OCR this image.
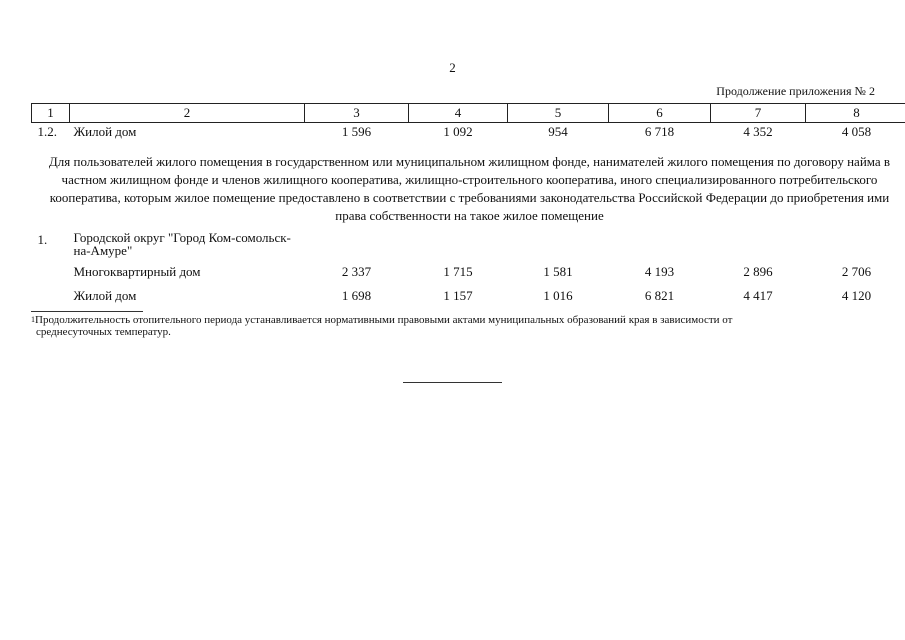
2
Продолжение приложения № 2
1	2	3	4	5	6	7	8
1.2.	Жилой дом	1 596	1 092	954	6 718	4 352	4 058
Для пользователей жилого помещения в государственном или муниципальном жилищном фонде, нанимателей жилого помещения по договору найма в частном жилищном фонде и членов жилищного кооператива, жилищно-строительного кооператива, иного специализированного потребительского кооператива, которым жилое помещение предоставлено в соответствии с требованиями законодательства Российской Федерации до приобретения ими права собственности на такое жилое помещение							
1.	Городской округ "Город Ком-сомольск-на-Амуре"						

	Многоквартирный дом	2 337	1 715	1 581	4 193	2 896	2 706

	Жилой дом	1 698	1 157	1 016	6 821	4 417	4 120
$^1$Продолжительность отопительного периода устанавливается нормативными правовыми актами муниципальных образований края в зависимости от
среднесуточных температур.
